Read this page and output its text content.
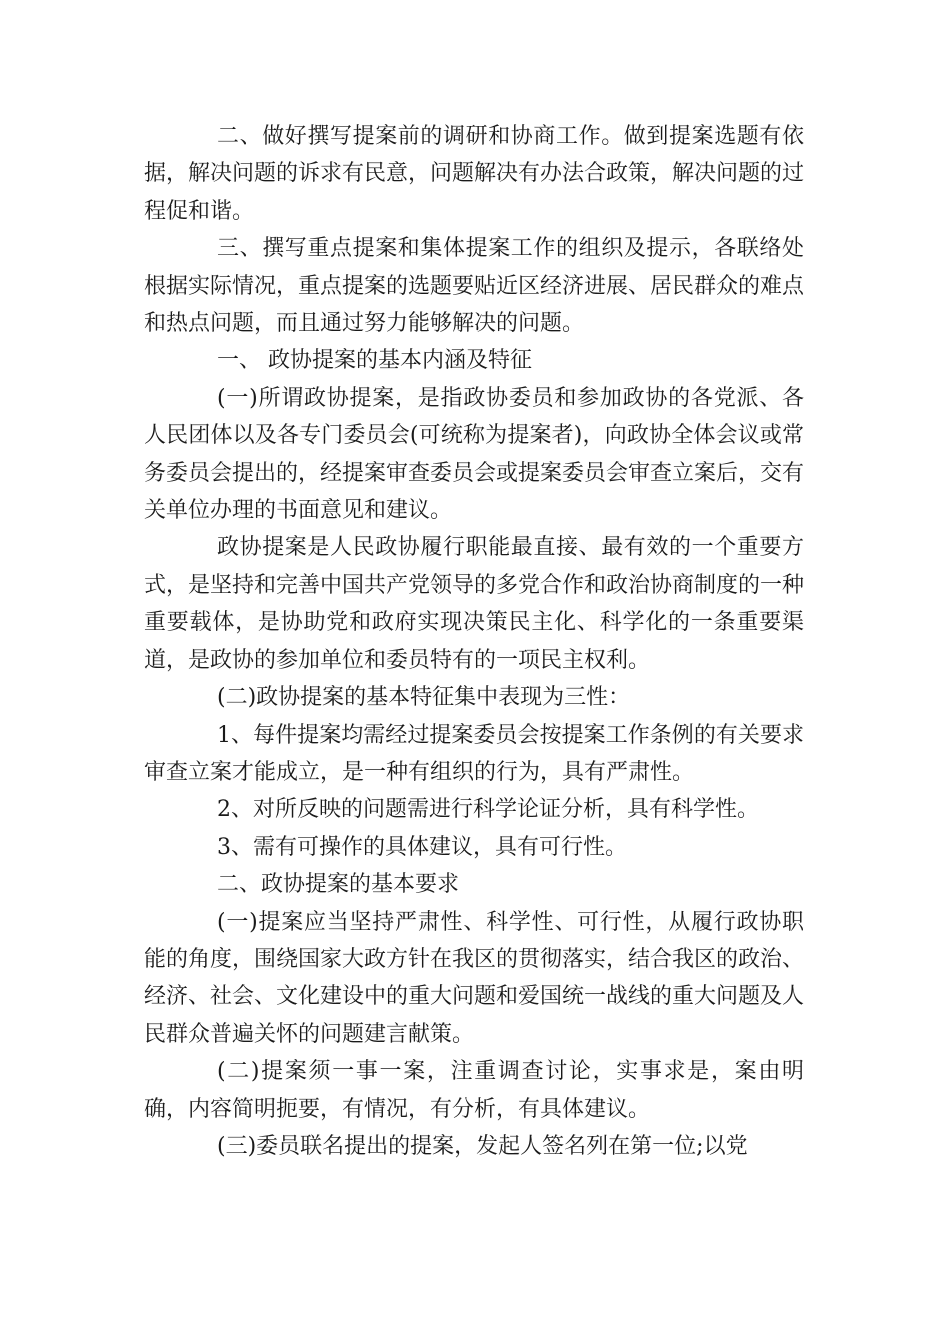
二、做好撰写提案前的调研和协商工作。做到提案选题有依据，解决问题的诉求有民意，问题解决有办法合政策，解决问题的过程促和谐。

三、撰写重点提案和集体提案工作的组织及提示，各联络处根据实际情况，重点提案的选题要贴近区经济进展、居民群众的难点和热点问题，而且通过努力能够解决的问题。

一、 政协提案的基本内涵及特征

(一)所谓政协提案，是指政协委员和参加政协的各党派、各人民团体以及各专门委员会(可统称为提案者)，向政协全体会议或常务委员会提出的，经提案审查委员会或提案委员会审查立案后，交有关单位办理的书面意见和建议。

政协提案是人民政协履行职能最直接、最有效的一个重要方式，是坚持和完善中国共产党领导的多党合作和政治协商制度的一种重要载体，是协助党和政府实现决策民主化、科学化的一条重要渠道，是政协的参加单位和委员特有的一项民主权利。

(二)政协提案的基本特征集中表现为三性：

1、每件提案均需经过提案委员会按提案工作条例的有关要求审查立案才能成立，是一种有组织的行为，具有严肃性。

2、对所反映的问题需进行科学论证分析，具有科学性。

3、需有可操作的具体建议，具有可行性。

二、政协提案的基本要求

(一)提案应当坚持严肃性、科学性、可行性，从履行政协职能的角度，围绕国家大政方针在我区的贯彻落实，结合我区的政治、经济、社会、文化建设中的重大问题和爱国统一战线的重大问题及人民群众普遍关怀的问题建言献策。

(二)提案须一事一案，注重调查讨论，实事求是，案由明确，内容简明扼要，有情况，有分析，有具体建议。

(三)委员联名提出的提案，发起人签名列在第一位;以党
